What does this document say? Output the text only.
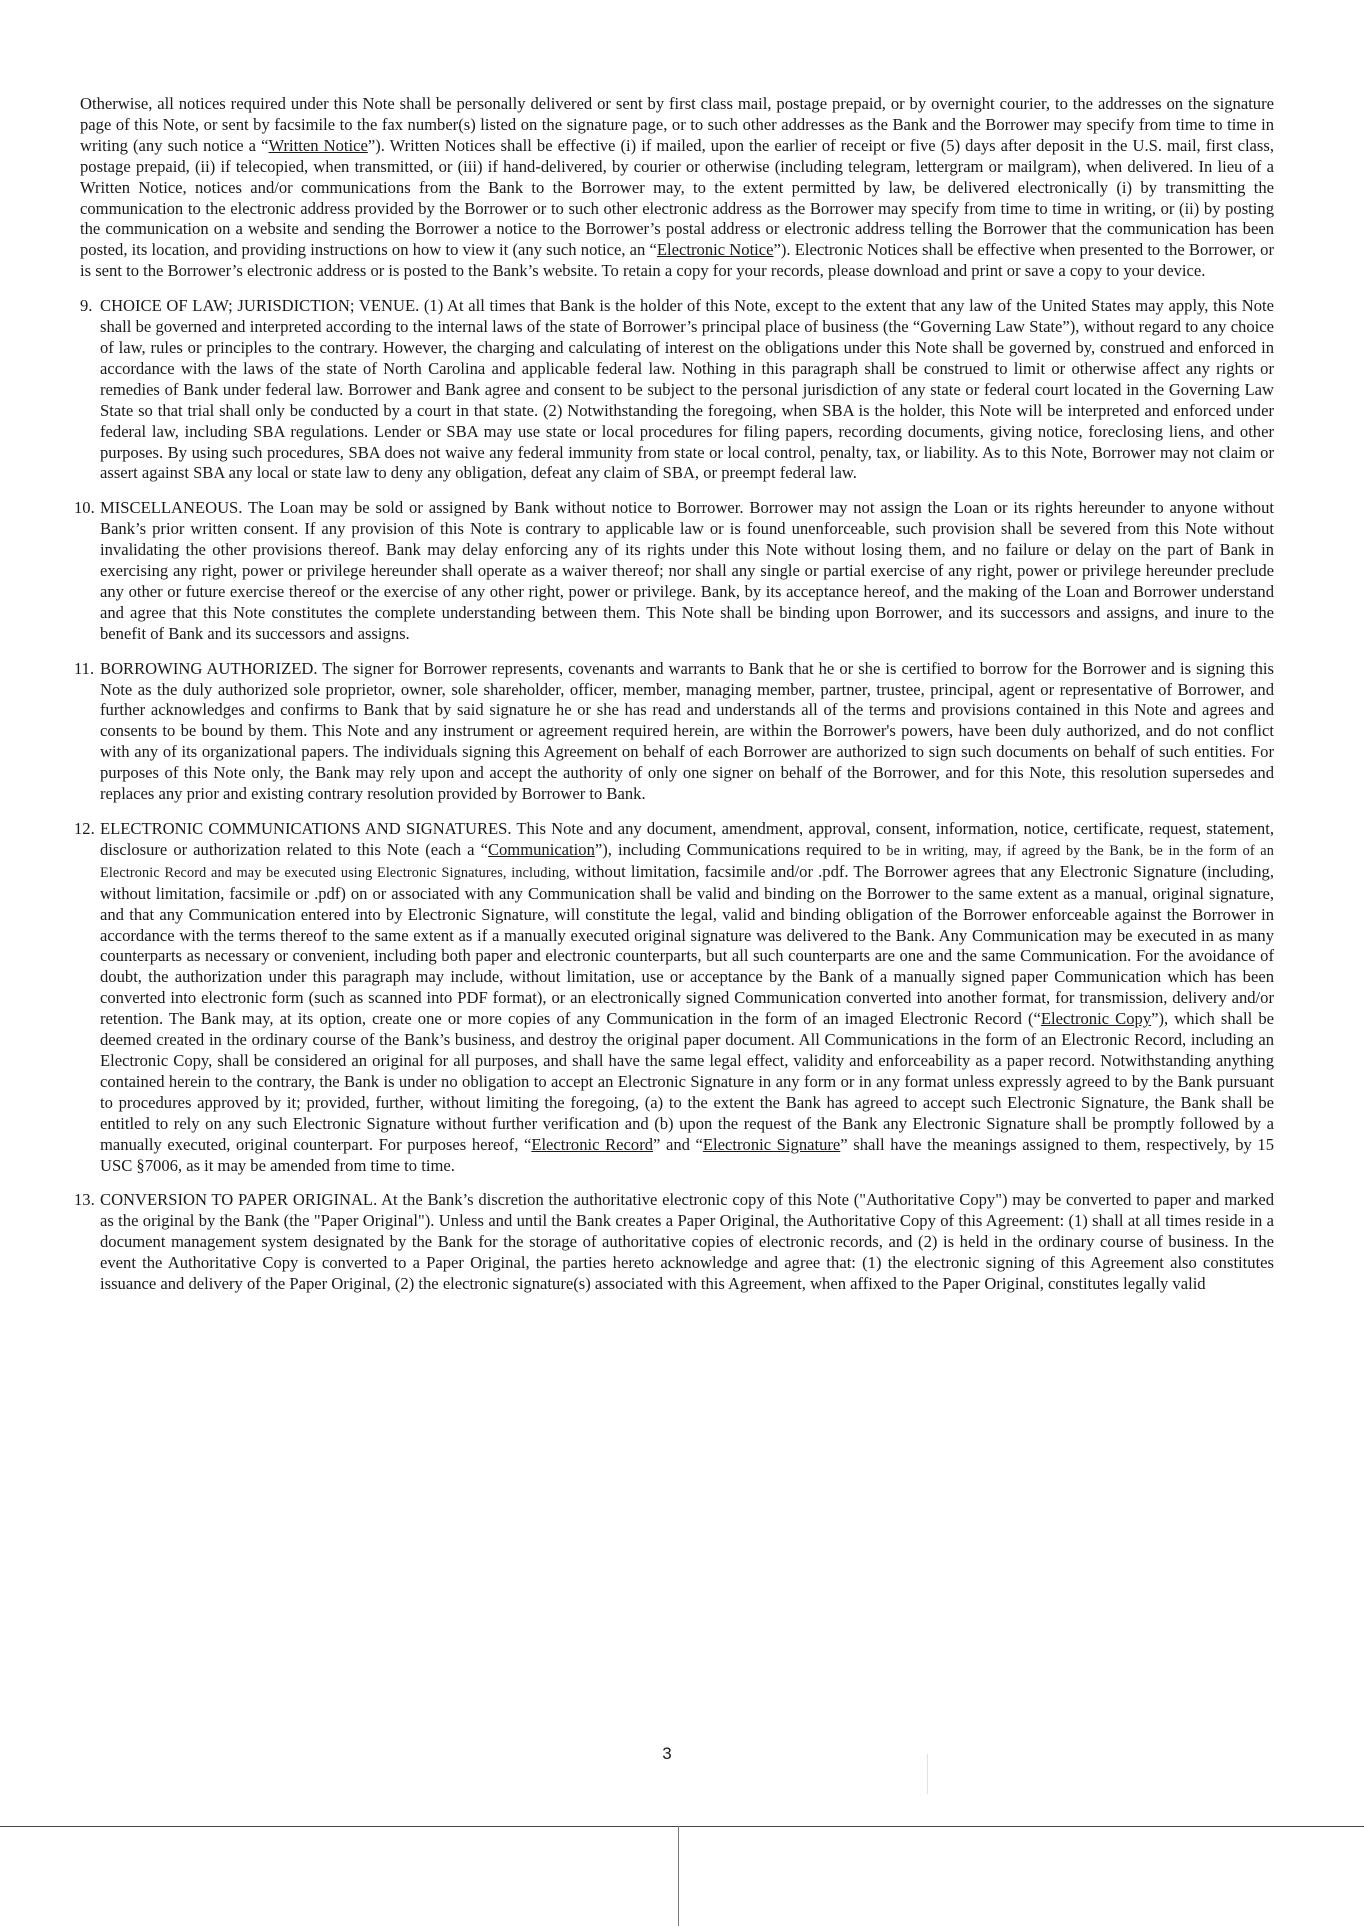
Otherwise, all notices required under this Note shall be personally delivered or sent by first class mail, postage prepaid, or by overnight courier, to the addresses on the signature page of this Note, or sent by facsimile to the fax number(s) listed on the signature page, or to such other addresses as the Bank and the Borrower may specify from time to time in writing (any such notice a “Written Notice”). Written Notices shall be effective (i) if mailed, upon the earlier of receipt or five (5) days after deposit in the U.S. mail, first class, postage prepaid, (ii) if telecopied, when transmitted, or (iii) if hand-delivered, by courier or otherwise (including telegram, lettergram or mailgram), when delivered. In lieu of a Written Notice, notices and/or communications from the Bank to the Borrower may, to the extent permitted by law, be delivered electronically (i) by transmitting the communication to the electronic address provided by the Borrower or to such other electronic address as the Borrower may specify from time to time in writing, or (ii) by posting the communication on a website and sending the Borrower a notice to the Borrower’s postal address or electronic address telling the Borrower that the communication has been posted, its location, and providing instructions on how to view it (any such notice, an “Electronic Notice”). Electronic Notices shall be effective when presented to the Borrower, or is sent to the Borrower’s electronic address or is posted to the Bank’s website. To retain a copy for your records, please download and print or save a copy to your device.

9. CHOICE OF LAW; JURISDICTION; VENUE. (1) At all times that Bank is the holder of this Note, except to the extent that any law of the United States may apply, this Note shall be governed and interpreted according to the internal laws of the state of Borrower’s principal place of business (the “Governing Law State”), without regard to any choice of law, rules or principles to the contrary. However, the charging and calculating of interest on the obligations under this Note shall be governed by, construed and enforced in accordance with the laws of the state of North Carolina and applicable federal law. Nothing in this paragraph shall be construed to limit or otherwise affect any rights or remedies of Bank under federal law. Borrower and Bank agree and consent to be subject to the personal jurisdiction of any state or federal court located in the Governing Law State so that trial shall only be conducted by a court in that state. (2) Notwithstanding the foregoing, when SBA is the holder, this Note will be interpreted and enforced under federal law, including SBA regulations. Lender or SBA may use state or local procedures for filing papers, recording documents, giving notice, foreclosing liens, and other purposes. By using such procedures, SBA does not waive any federal immunity from state or local control, penalty, tax, or liability. As to this Note, Borrower may not claim or assert against SBA any local or state law to deny any obligation, defeat any claim of SBA, or preempt federal law.

10. MISCELLANEOUS. The Loan may be sold or assigned by Bank without notice to Borrower. Borrower may not assign the Loan or its rights hereunder to anyone without Bank’s prior written consent. If any provision of this Note is contrary to applicable law or is found unenforceable, such provision shall be severed from this Note without invalidating the other provisions thereof. Bank may delay enforcing any of its rights under this Note without losing them, and no failure or delay on the part of Bank in exercising any right, power or privilege hereunder shall operate as a waiver thereof; nor shall any single or partial exercise of any right, power or privilege hereunder preclude any other or future exercise thereof or the exercise of any other right, power or privilege. Bank, by its acceptance hereof, and the making of the Loan and Borrower understand and agree that this Note constitutes the complete understanding between them. This Note shall be binding upon Borrower, and its successors and assigns, and inure to the benefit of Bank and its successors and assigns.

11. BORROWING AUTHORIZED. The signer for Borrower represents, covenants and warrants to Bank that he or she is certified to borrow for the Borrower and is signing this Note as the duly authorized sole proprietor, owner, sole shareholder, officer, member, managing member, partner, trustee, principal, agent or representative of Borrower, and further acknowledges and confirms to Bank that by said signature he or she has read and understands all of the terms and provisions contained in this Note and agrees and consents to be bound by them. This Note and any instrument or agreement required herein, are within the Borrower's powers, have been duly authorized, and do not conflict with any of its organizational papers. The individuals signing this Agreement on behalf of each Borrower are authorized to sign such documents on behalf of such entities. For purposes of this Note only, the Bank may rely upon and accept the authority of only one signer on behalf of the Borrower, and for this Note, this resolution supersedes and replaces any prior and existing contrary resolution provided by Borrower to Bank.

12. ELECTRONIC COMMUNICATIONS AND SIGNATURES. This Note and any document, amendment, approval, consent, information, notice, certificate, request, statement, disclosure or authorization related to this Note (each a “Communication”), including Communications required to be in writing, may, if agreed by the Bank, be in the form of an Electronic Record and may be executed using Electronic Signatures, including, without limitation, facsimile and/or .pdf. The Borrower agrees that any Electronic Signature (including, without limitation, facsimile or .pdf) on or associated with any Communication shall be valid and binding on the Borrower to the same extent as a manual, original signature, and that any Communication entered into by Electronic Signature, will constitute the legal, valid and binding obligation of the Borrower enforceable against the Borrower in accordance with the terms thereof to the same extent as if a manually executed original signature was delivered to the Bank. Any Communication may be executed in as many counterparts as necessary or convenient, including both paper and electronic counterparts, but all such counterparts are one and the same Communication. For the avoidance of doubt, the authorization under this paragraph may include, without limitation, use or acceptance by the Bank of a manually signed paper Communication which has been converted into electronic form (such as scanned into PDF format), or an electronically signed Communication converted into another format, for transmission, delivery and/or retention. The Bank may, at its option, create one or more copies of any Communication in the form of an imaged Electronic Record (“Electronic Copy”), which shall be deemed created in the ordinary course of the Bank’s business, and destroy the original paper document. All Communications in the form of an Electronic Record, including an Electronic Copy, shall be considered an original for all purposes, and shall have the same legal effect, validity and enforceability as a paper record. Notwithstanding anything contained herein to the contrary, the Bank is under no obligation to accept an Electronic Signature in any form or in any format unless expressly agreed to by the Bank pursuant to procedures approved by it; provided, further, without limiting the foregoing, (a) to the extent the Bank has agreed to accept such Electronic Signature, the Bank shall be entitled to rely on any such Electronic Signature without further verification and (b) upon the request of the Bank any Electronic Signature shall be promptly followed by a manually executed, original counterpart. For purposes hereof, “Electronic Record” and “Electronic Signature” shall have the meanings assigned to them, respectively, by 15 USC §7006, as it may be amended from time to time.

13. CONVERSION TO PAPER ORIGINAL. At the Bank’s discretion the authoritative electronic copy of this Note ("Authoritative Copy") may be converted to paper and marked as the original by the Bank (the "Paper Original"). Unless and until the Bank creates a Paper Original, the Authoritative Copy of this Agreement: (1) shall at all times reside in a document management system designated by the Bank for the storage of authoritative copies of electronic records, and (2) is held in the ordinary course of business. In the event the Authoritative Copy is converted to a Paper Original, the parties hereto acknowledge and agree that: (1) the electronic signing of this Agreement also constitutes issuance and delivery of the Paper Original, (2) the electronic signature(s) associated with this Agreement, when affixed to the Paper Original, constitutes legally valid

3
